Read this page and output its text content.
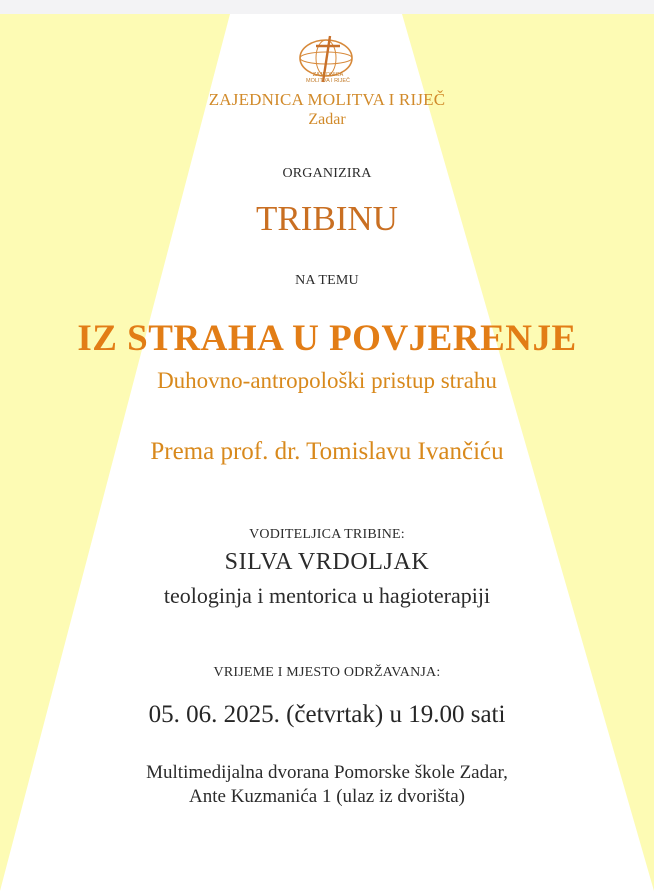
ZAJEDNICA
MOLITVA I RIJEČ
ZAJEDNICA MOLITVA I RIJEČ
Zadar
ORGANIZIRA
TRIBINU
NA TEMU
IZ STRAHA U POVJERENJE
Duhovno-antropološki pristup strahu
Prema prof. dr. Tomislavu Ivančiću
VODITELJICA TRIBINE:
SILVA VRDOLJAK
teologinja i mentorica u hagioterapiji
VRIJEME I MJESTO ODRŽAVANJA:
05. 06. 2025. (četvrtak) u 19.00 sati
Multimedijalna dvorana Pomorske škole Zadar,
Ante Kuzmanića 1 (ulaz iz dvorišta)
